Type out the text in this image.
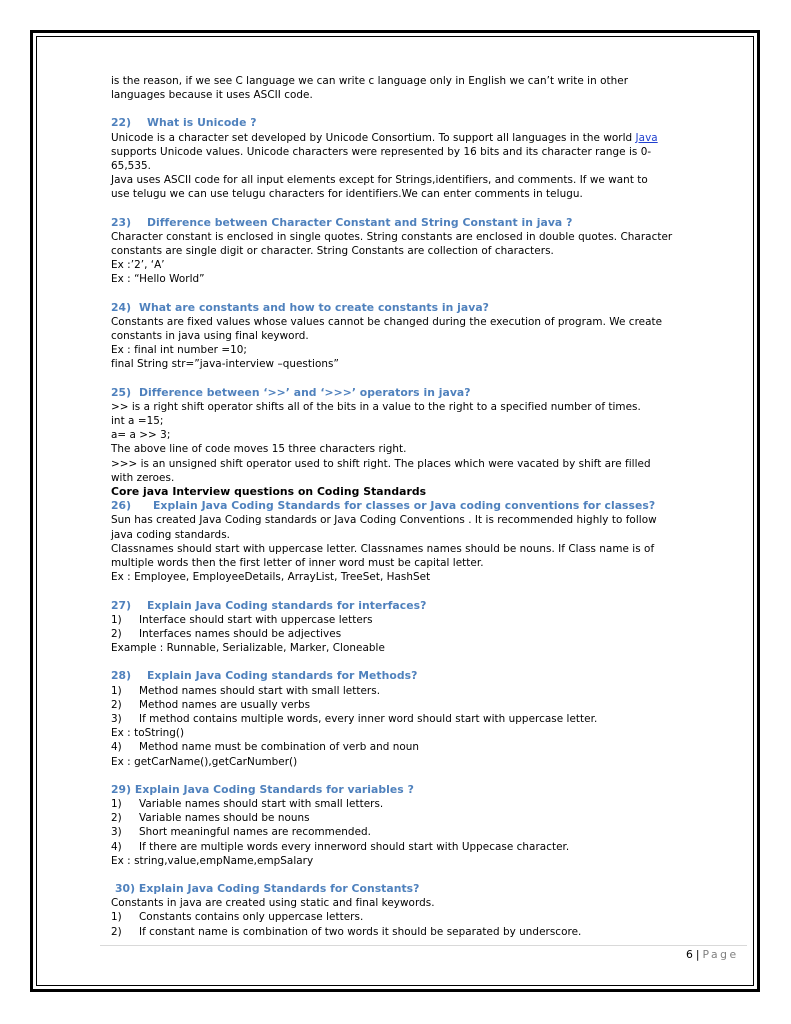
is the reason, if we see C language we can write c language only in English we can’t write in other

languages because it uses ASCII code.

22) What is Unicode ?

Unicode is a character set developed by Unicode Consortium. To support all languages in the world Java

supports Unicode values. Unicode characters were represented by 16 bits and its character range is 0-

65,535.

Java uses ASCII code for all input elements except for Strings,identifiers, and comments. If we want to

use telugu we can use telugu characters for identifiers.We can enter comments in telugu.

23) Difference between Character Constant and String Constant in java ?

Character constant is enclosed in single quotes. String constants are enclosed in double quotes. Character

constants are single digit or character. String Constants are collection of characters.

Ex :’2’, ‘A’

Ex : “Hello World”

24) What are constants and how to create constants in java?

Constants are fixed values whose values cannot be changed during the execution of program. We create

constants in java using final keyword.

Ex : final int number =10;

final String str=”java-interview –questions”

25) Difference between ‘>>’ and ‘>>>’ operators in java?

>> is a right shift operator shifts all of the bits in a value to the right to a specified number of times.

int a =15;

a= a >> 3;

The above line of code moves 15 three characters right.

>>> is an unsigned shift operator used to shift right. The places which were vacated by shift are filled

with zeroes.

Core java Interview questions on Coding Standards

26) Explain Java Coding Standards for classes or Java coding conventions for classes?

Sun has created Java Coding standards or Java Coding Conventions . It is recommended highly to follow

java coding standards.

Classnames should start with uppercase letter. Classnames names should be nouns. If Class name is of

multiple words then the first letter of inner word must be capital letter.

Ex : Employee, EmployeeDetails, ArrayList, TreeSet, HashSet

27) Explain Java Coding standards for interfaces?

1) Interface should start with uppercase letters

2) Interfaces names should be adjectives

Example : Runnable, Serializable, Marker, Cloneable

28) Explain Java Coding standards for Methods?

1) Method names should start with small letters.

2) Method names are usually verbs

3) If method contains multiple words, every inner word should start with uppercase letter.

Ex : toString()

4) Method name must be combination of verb and noun

Ex : getCarName(),getCarNumber()

29) Explain Java Coding Standards for variables ?

1) Variable names should start with small letters.

2) Variable names should be nouns

3) Short meaningful names are recommended.

4) If there are multiple words every innerword should start with Uppecase character.

Ex : string,value,empName,empSalary

30) Explain Java Coding Standards for Constants?

Constants in java are created using static and final keywords.

1) Constants contains only uppercase letters.

2) If constant name is combination of two words it should be separated by underscore.

6 | Page
